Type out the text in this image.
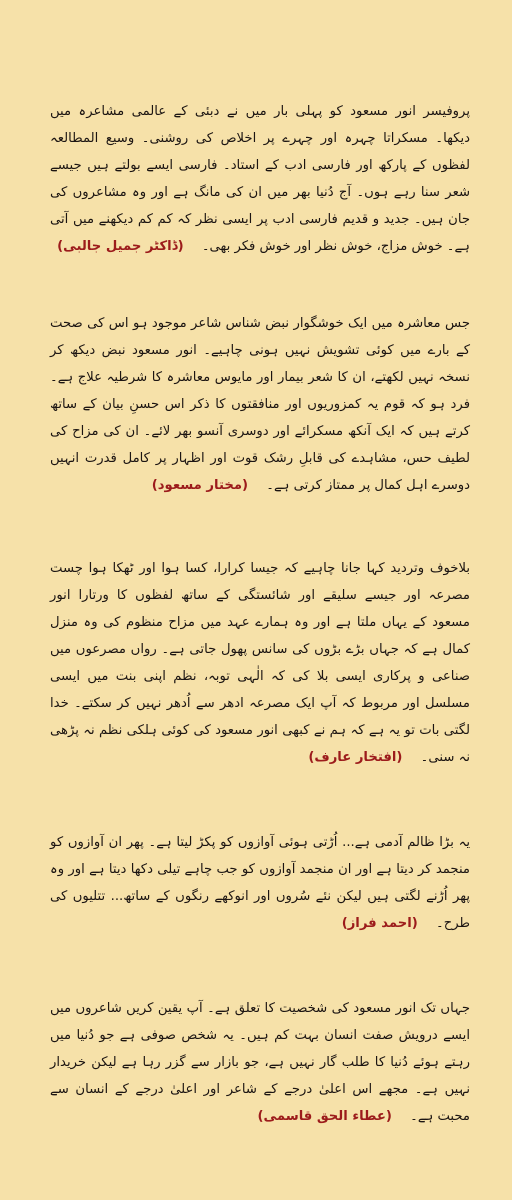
پروفیسر انور مسعود کو پہلی بار میں نے دبئی کے عالمی مشاعرہ میں دیکھا۔ مسکراتا چہرہ اور چہرے پر اخلاص کی روشنی۔ وسیع المطالعہ لفظوں کے پارکھ اور فارسی ادب کے استاد۔ فارسی ایسے بولتے ہیں جیسے شعر سنا رہے ہوں۔ آج دُنیا بھر میں ان کی مانگ ہے اور وہ مشاعروں کی جان ہیں۔ جدید و قدیم فارسی ادب پر ایسی نظر کہ کم کم دیکھنے میں آتی ہے۔ خوش مزاج، خوش نظر اور خوش فکر بھی۔ (ڈاکٹر جمیل جالبی)

جس معاشرہ میں ایک خوشگوار نبض شناس شاعر موجود ہو اس کی صحت کے بارے میں کوئی تشویش نہیں ہونی چاہیے۔ انور مسعود نبض دیکھ کر نسخہ نہیں لکھتے، ان کا شعر بیمار اور مایوس معاشرہ کا شرطیہ علاج ہے۔ فرد ہو کہ قوم یہ کمزوریوں اور منافقتوں کا ذکر اس حسنِ بیان کے ساتھ کرتے ہیں کہ ایک آنکھ مسکرائے اور دوسری آنسو بھر لائے۔ ان کی مزاح کی لطیف حس، مشاہدے کی قابلِ رشک قوت اور اظہار پر کامل قدرت انہیں دوسرے اہل کمال پر ممتاز کرتی ہے۔ (مختار مسعود)

بلاخوف وتردید کہا جانا چاہیے کہ جیسا کرارا، کسا ہوا اور ٹھکا ہوا چست مصرعہ اور جیسے سلیقے اور شائستگی کے ساتھ لفظوں کا ورتارا انور مسعود کے یہاں ملتا ہے اور وہ ہمارے عہد میں مزاح منظوم کی وہ منزل کمال ہے کہ جہاں بڑے بڑوں کی سانس پھول جاتی ہے۔ رواں مصرعوں میں صناعی و پرکاری ایسی بلا کی کہ الٰہی توبہ، نظم اپنی بنت میں ایسی مسلسل اور مربوط کہ آپ ایک مصرعہ ادھر سے اُدھر نہیں کر سکتے۔ خدا لگتی بات تو یہ ہے کہ ہم نے کبھی انور مسعود کی کوئی ہلکی نظم نہ پڑھی نہ سنی۔ (افتخار عارف)

یہ بڑا ظالم آدمی ہے... اُڑتی ہوئی آوازوں کو پکڑ لیتا ہے۔ پھر ان آوازوں کو منجمد کر دیتا ہے اور ان منجمد آوازوں کو جب چاہے تیلی دکھا دیتا ہے اور وہ پھر اُڑنے لگتی ہیں لیکن نئے سُروں اور انوکھے رنگوں کے ساتھ... تتلیوں کی طرح۔ (احمد فراز)

جہاں تک انور مسعود کی شخصیت کا تعلق ہے۔ آپ یقین کریں شاعروں میں ایسے درویش صفت انسان بہت کم ہیں۔ یہ شخص صوفی ہے جو دُنیا میں رہتے ہوئے دُنیا کا طلب گار نہیں ہے، جو بازار سے گزر رہا ہے لیکن خریدار نہیں ہے۔ مجھے اس اعلیٰ درجے کے شاعر اور اعلیٰ درجے کے انسان سے محبت ہے۔ (عطاء الحق قاسمی)
